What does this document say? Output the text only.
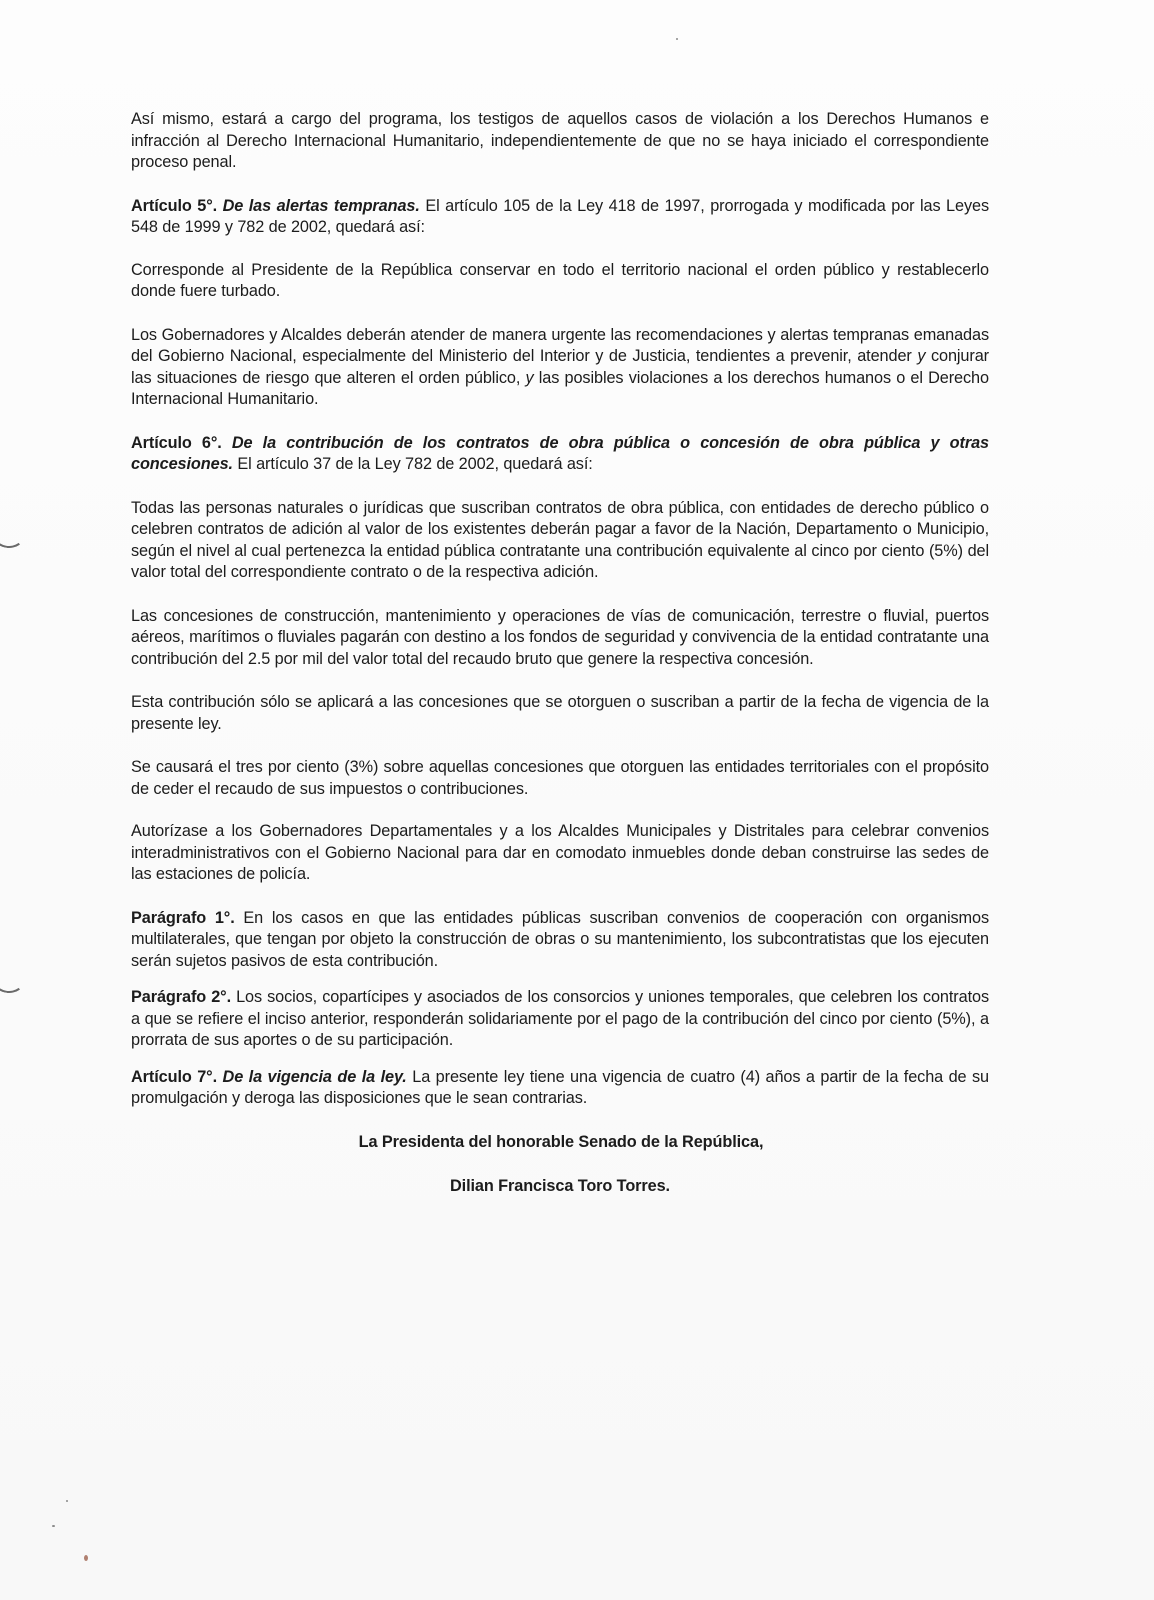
Así mismo, estará a cargo del programa, los testigos de aquellos casos de violación a los Derechos Humanos e infracción al Derecho Internacional Humanitario, independientemente de que no se haya iniciado el correspondiente proceso penal.

Artículo 5°. De las alertas tempranas. El artículo 105 de la Ley 418 de 1997, prorrogada y modificada por las Leyes 548 de 1999 y 782 de 2002, quedará así:

Corresponde al Presidente de la República conservar en todo el territorio nacional el orden público y restablecerlo donde fuere turbado.

Los Gobernadores y Alcaldes deberán atender de manera urgente las recomendaciones y alertas tempranas emanadas del Gobierno Nacional, especialmente del Ministerio del Interior y de Justicia, tendientes a prevenir, atender y conjurar las situaciones de riesgo que alteren el orden público, y las posibles violaciones a los derechos humanos o el Derecho Internacional Humanitario.

Artículo 6°. De la contribución de los contratos de obra pública o concesión de obra pública y otras concesiones. El artículo 37 de la Ley 782 de 2002, quedará así:

Todas las personas naturales o jurídicas que suscriban contratos de obra pública, con entidades de derecho público o celebren contratos de adición al valor de los existentes deberán pagar a favor de la Nación, Departamento o Municipio, según el nivel al cual pertenezca la entidad pública contratante una contribución equivalente al cinco por ciento (5%) del valor total del correspondiente contrato o de la respectiva adición.

Las concesiones de construcción, mantenimiento y operaciones de vías de comunicación, terrestre o fluvial, puertos aéreos, marítimos o fluviales pagarán con destino a los fondos de seguridad y convivencia de la entidad contratante una contribución del 2.5 por mil del valor total del recaudo bruto que genere la respectiva concesión.

Esta contribución sólo se aplicará a las concesiones que se otorguen o suscriban a partir de la fecha de vigencia de la presente ley.

Se causará el tres por ciento (3%) sobre aquellas concesiones que otorguen las entidades territoriales con el propósito de ceder el recaudo de sus impuestos o contribuciones.

Autorízase a los Gobernadores Departamentales y a los Alcaldes Municipales y Distritales para celebrar convenios interadministrativos con el Gobierno Nacional para dar en comodato inmuebles donde deban construirse las sedes de las estaciones de policía.

Parágrafo 1°. En los casos en que las entidades públicas suscriban convenios de cooperación con organismos multilaterales, que tengan por objeto la construcción de obras o su mantenimiento, los subcontratistas que los ejecuten serán sujetos pasivos de esta contribución.

Parágrafo 2°. Los socios, copartícipes y asociados de los consorcios y uniones temporales, que celebren los contratos a que se refiere el inciso anterior, responderán solidariamente por el pago de la contribución del cinco por ciento (5%), a prorrata de sus aportes o de su participación.

Artículo 7°. De la vigencia de la ley. La presente ley tiene una vigencia de cuatro (4) años a partir de la fecha de su promulgación y deroga las disposiciones que le sean contrarias.

La Presidenta del honorable Senado de la República,

Dilian Francisca Toro Torres.
